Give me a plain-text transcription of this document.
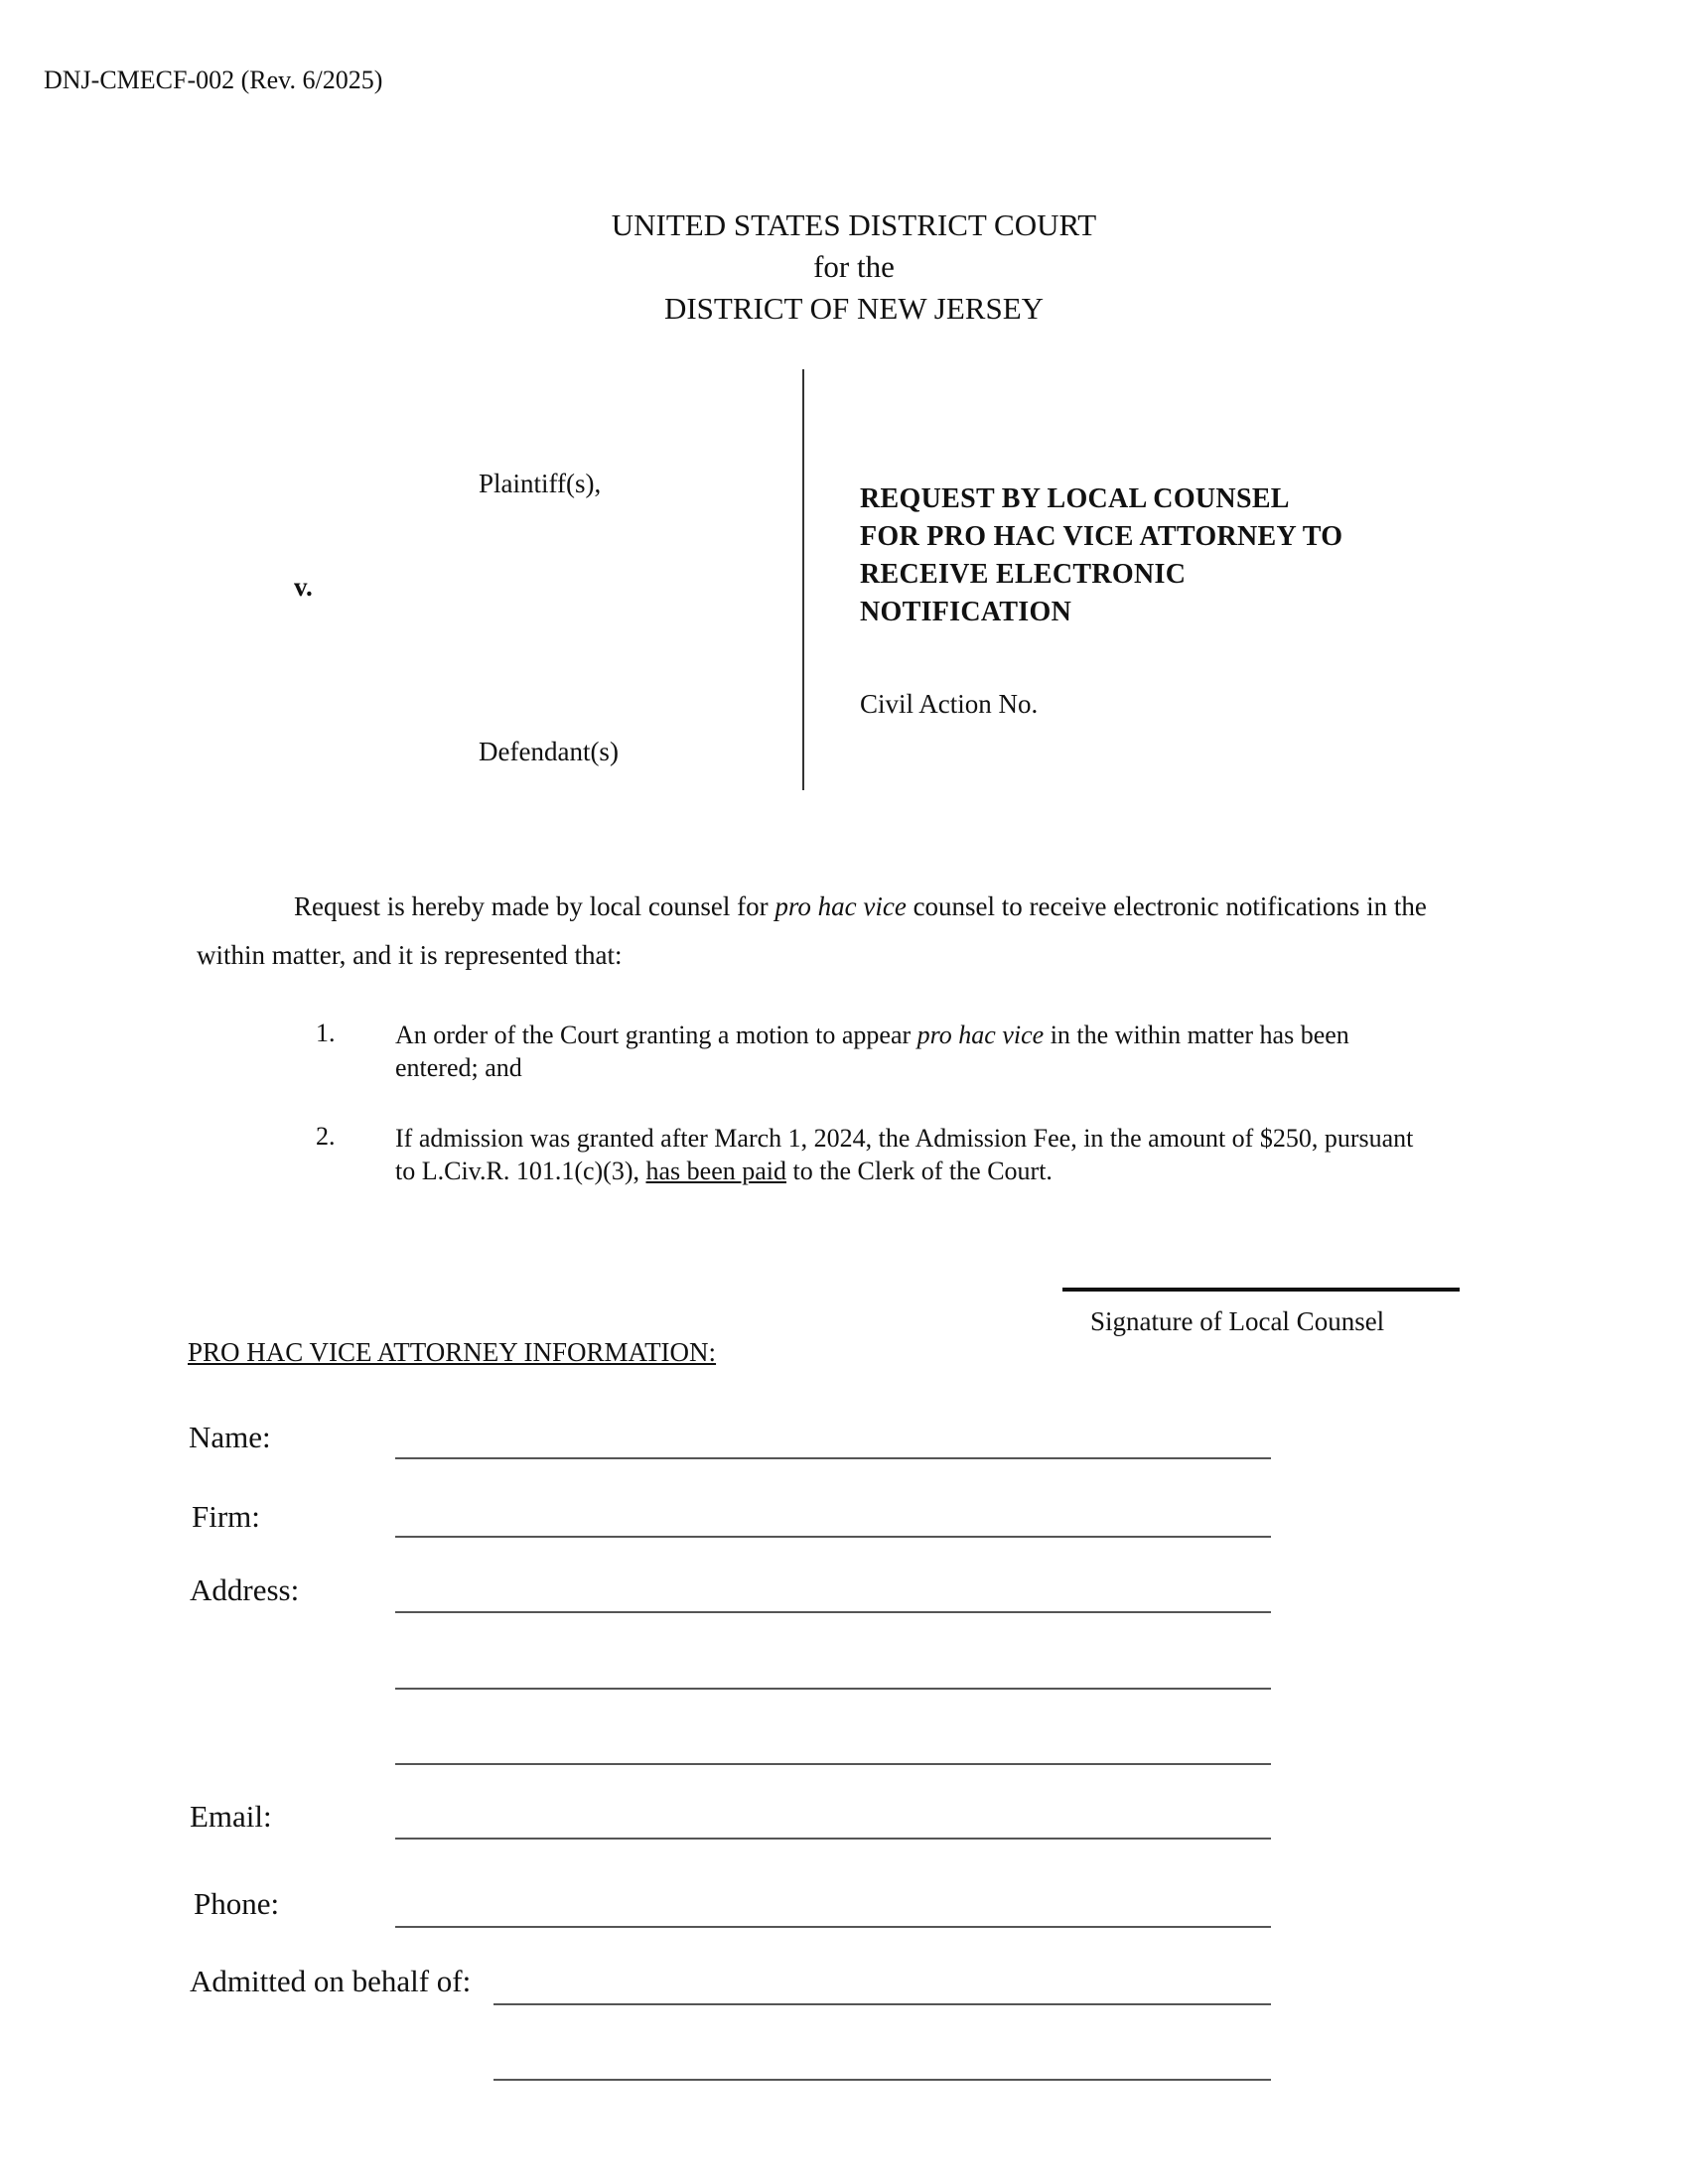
DNJ-CMECF-002 (Rev. 6/2025)
UNITED STATES DISTRICT COURT
for the
DISTRICT OF NEW JERSEY
Plaintiff(s),
v.
Defendant(s)
REQUEST BY LOCAL COUNSEL
FOR PRO HAC VICE ATTORNEY TO
RECEIVE ELECTRONIC
NOTIFICATION
Civil Action No.
Request is hereby made by local counsel for pro hac vice counsel to receive electronic notifications in the
within matter, and it is represented that:
1. An order of the Court granting a motion to appear pro hac vice in the within matter has been entered; and
2. If admission was granted after March 1, 2024, the Admission Fee, in the amount of $250, pursuant to L.Civ.R. 101.1(c)(3), has been paid to the Clerk of the Court.
Signature of Local Counsel
PRO HAC VICE ATTORNEY INFORMATION:
Name:
Firm:
Address:
Email:
Phone:
Admitted on behalf of:
